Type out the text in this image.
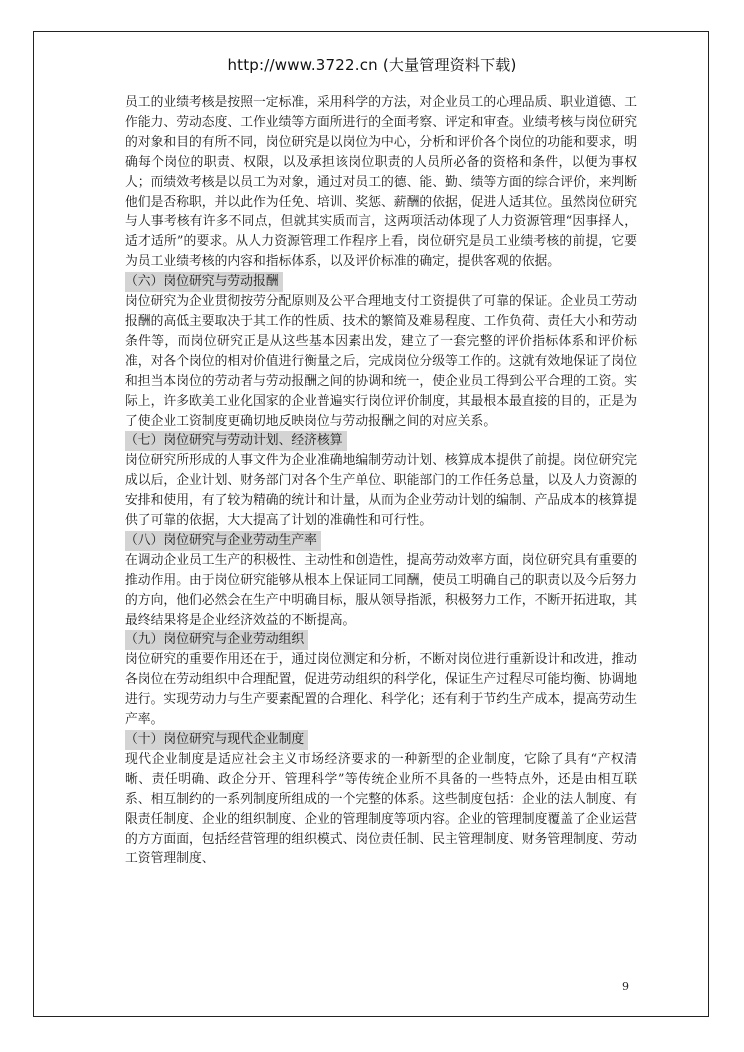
http://www.3722.cn (大量管理资料下载)

员工的业绩考核是按照一定标准，采用科学的方法，对企业员工的心理品质、职业道德、工作能力、劳动态度、工作业绩等方面所进行的全面考察、评定和审查。业绩考核与岗位研究的对象和目的有所不同，岗位研究是以岗位为中心，分析和评价各个岗位的功能和要求，明确每个岗位的职责、权限，以及承担该岗位职责的人员所必备的资格和条件，以便为事权人；而绩效考核是以员工为对象，通过对员工的德、能、勤、绩等方面的综合评价，来判断他们是否称职，并以此作为任免、培训、奖惩、薪酬的依据，促进人适其位。虽然岗位研究与人事考核有许多不同点，但就其实质而言，这两项活动体现了人力资源管理“因事择人，适才适所”的要求。从人力资源管理工作程序上看，岗位研究是员工业绩考核的前提，它要为员工业绩考核的内容和指标体系，以及评价标准的确定，提供客观的依据。

（六）岗位研究与劳动报酬

岗位研究为企业贯彻按劳分配原则及公平合理地支付工资提供了可靠的保证。企业员工劳动报酬的高低主要取决于其工作的性质、技术的繁简及难易程度、工作负荷、责任大小和劳动条件等，而岗位研究正是从这些基本因素出发，建立了一套完整的评价指标体系和评价标准，对各个岗位的相对价值进行衡量之后，完成岗位分级等工作的。这就有效地保证了岗位和担当本岗位的劳动者与劳动报酬之间的协调和统一，使企业员工得到公平合理的工资。实际上，许多欧美工业化国家的企业普遍实行岗位评价制度，其最根本最直接的目的，正是为了使企业工资制度更确切地反映岗位与劳动报酬之间的对应关系。

（七）岗位研究与劳动计划、经济核算

岗位研究所形成的人事文件为企业准确地编制劳动计划、核算成本提供了前提。岗位研究完成以后，企业计划、财务部门对各个生产单位、职能部门的工作任务总量，以及人力资源的安排和使用，有了较为精确的统计和计量，从而为企业劳动计划的编制、产品成本的核算提供了可靠的依据，大大提高了计划的准确性和可行性。

（八）岗位研究与企业劳动生产率

在调动企业员工生产的积极性、主动性和创造性，提高劳动效率方面，岗位研究具有重要的推动作用。由于岗位研究能够从根本上保证同工同酬，使员工明确自己的职责以及今后努力的方向，他们必然会在生产中明确目标，服从领导指派，积极努力工作，不断开拓进取，其最终结果将是企业经济效益的不断提高。

（九）岗位研究与企业劳动组织

岗位研究的重要作用还在于，通过岗位测定和分析，不断对岗位进行重新设计和改进，推动各岗位在劳动组织中合理配置，促进劳动组织的科学化，保证生产过程尽可能均衡、协调地进行。实现劳动力与生产要素配置的合理化、科学化；还有利于节约生产成本，提高劳动生产率。

（十）岗位研究与现代企业制度

现代企业制度是适应社会主义市场经济要求的一种新型的企业制度，它除了具有“产权清晰、责任明确、政企分开、管理科学”等传统企业所不具备的一些特点外，还是由相互联系、相互制约的一系列制度所组成的一个完整的体系。这些制度包括：企业的法人制度、有限责任制度、企业的组织制度、企业的管理制度等项内容。企业的管理制度覆盖了企业运营的方方面面，包括经营管理的组织模式、岗位责任制、民主管理制度、财务管理制度、劳动工资管理制度、

9
